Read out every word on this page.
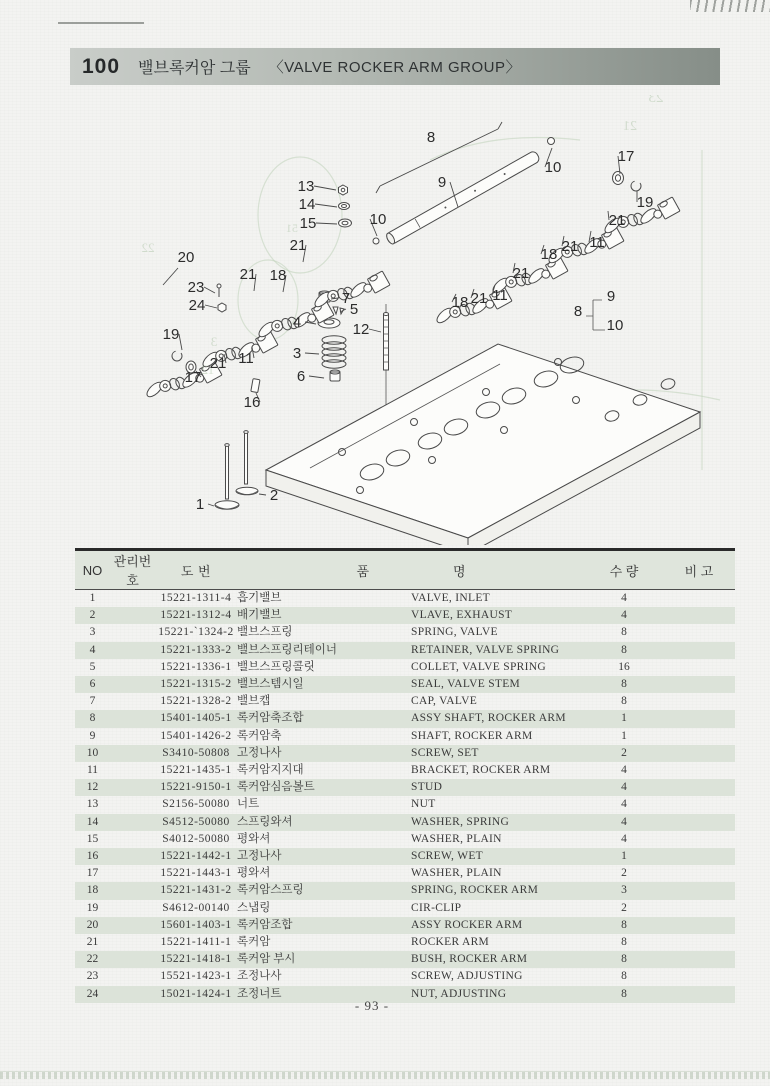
100 밸브록커암 그룹 〈VALVE ROCKER ARM GROUP〉
23
21
22
3
12
51
8
9
13
14
15	10
10
17
19
21
11
21
18
21
11
21
18
20
23
24
21 18
21
19
17
21 11
16
7
5
4
3
6
12
9
8
10
1
2
NO	관리번호	도 번	품 명		수 량	비 고
1		15221-1311-4	흡기밸브	VALVE, INLET	4	
2		15221-1312-4	배기밸브	VLAVE, EXHAUST	4	
3		15221-`1324-2	밸브스프링	SPRING, VALVE	8	
4		15221-1333-2	밸브스프링리테이너	RETAINER, VALVE SPRING	8	
5		15221-1336-1	밸브스프링콜릿	COLLET, VALVE SPRING	16	
6		15221-1315-2	밸브스템시일	SEAL, VALVE STEM	8	
7		15221-1328-2	밸브캡	CAP, VALVE	8	
8		15401-1405-1	록커암축조합	ASSY SHAFT, ROCKER ARM	1	
9		15401-1426-2	록커암축	SHAFT, ROCKER ARM	1	
10		S3410-50808	고정나사	SCREW, SET	2	
11		15221-1435-1	록커암지지대	BRACKET, ROCKER ARM	4	
12		15221-9150-1	록커암심음볼트	STUD	4	
13		S2156-50080	너트	NUT	4	
14		S4512-50080	스프링와셔	WASHER, SPRING	4	
15		S4012-50080	평와셔	WASHER, PLAIN	4	
16		15221-1442-1	고정나사	SCREW, WET	1	
17		15221-1443-1	평와셔	WASHER, PLAIN	2	
18		15221-1431-2	록커암스프링	SPRING, ROCKER ARM	3	
19		S4612-00140	스냅링	CIR-CLIP	2	
20		15601-1403-1	록커암조합	ASSY ROCKER ARM	8	
21		15221-1411-1	록커암	ROCKER ARM	8	
22		15221-1418-1	록커암 부시	BUSH, ROCKER ARM	8	
23		15521-1423-1	조정나사	SCREW, ADJUSTING	8	
24		15021-1424-1	조정너트	NUT, ADJUSTING	8	
- 93 -
